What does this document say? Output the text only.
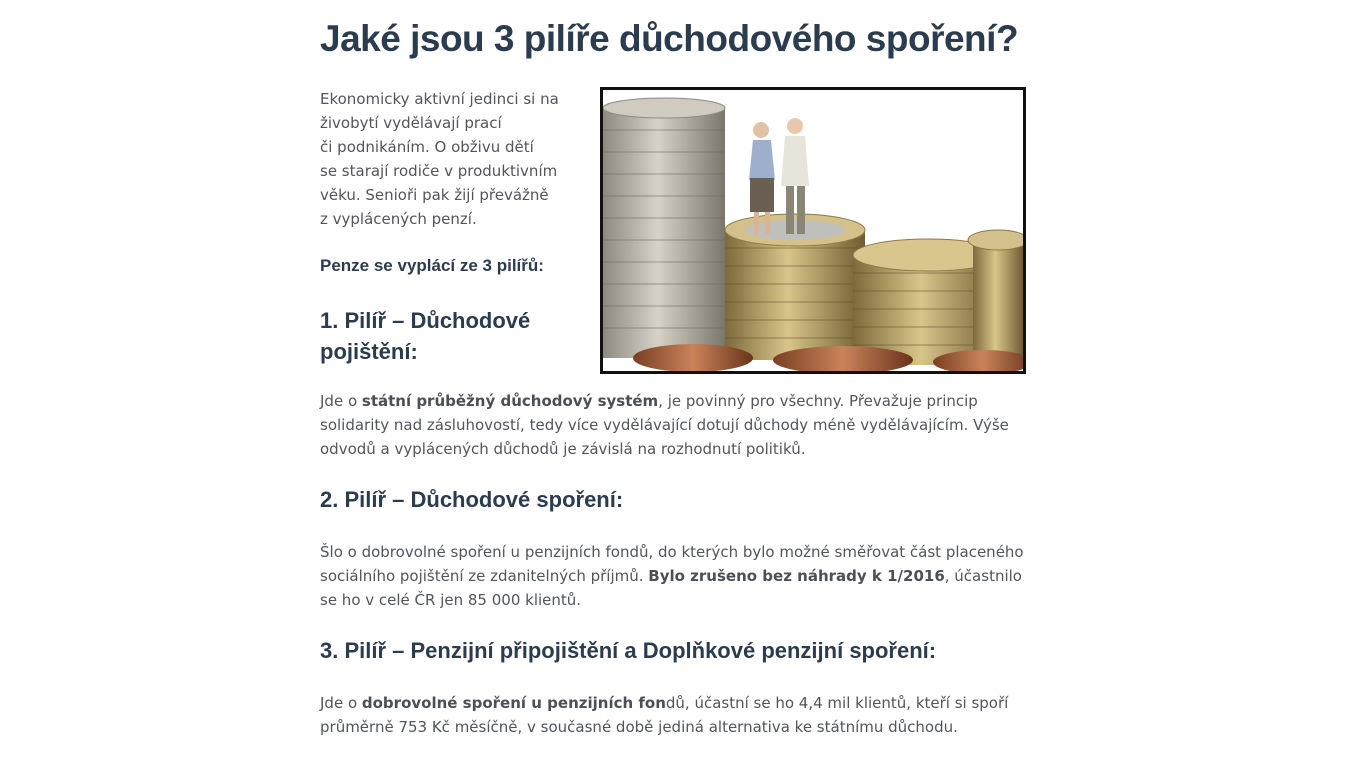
Jaké jsou 3 pilíře důchodového spoření?

Ekonomicky aktivní jedinci si na
živobytí vydělávají prací
či podnikáním. O obživu dětí
se starají rodiče v produktivním
věku. Senioři pak žijí převážně
z vyplácených penzí.

Penze se vyplácí ze 3 pilířů:

1. Pilíř – Důchodové pojištění:

Jde o státní průběžný důchodový systém, je povinný pro všechny. Převažuje princip solidarity nad zásluhovostí, tedy více vydělávající dotují důchody méně vydělávajícím. Výše odvodů a vyplácených důchodů je závislá na rozhodnutí politiků.

2. Pilíř – Důchodové spoření:

Šlo o dobrovolné spoření u penzijních fondů, do kterých bylo možné směřovat část placeného sociálního pojištění ze zdanitelných příjmů. Bylo zrušeno bez náhrady k 1/2016, účastnilo se ho v celé ČR jen 85 000 klientů.

3. Pilíř – Penzijní připojištění a Doplňkové penzijní spoření:

Jde o dobrovolné spoření u penzijních fondů, účastní se ho 4,4 mil klientů, kteří si spoří průměrně 753 Kč měsíčně, v současné době jediná alternativa ke státnímu důchodu.
